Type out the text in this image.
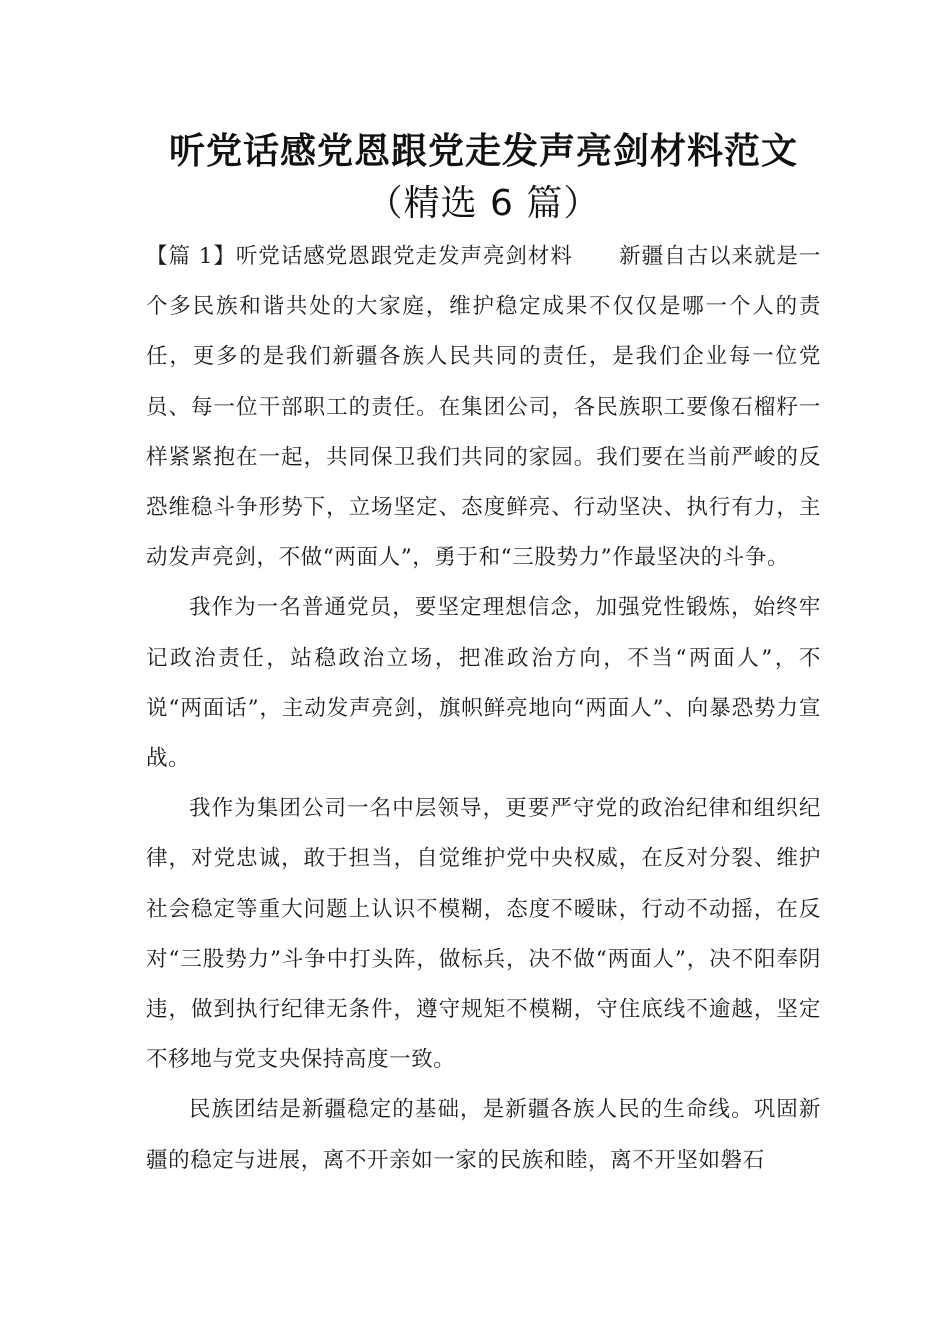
听党话感党恩跟党走发声亮剑材料范文
（精选 6 篇）

【篇 1】听党话感党恩跟党走发声亮剑材料 新疆自古以来就是一个多民族和谐共处的大家庭，维护稳定成果不仅仅是哪一个人的责任，更多的是我们新疆各族人民共同的责任，是我们企业每一位党员、每一位干部职工的责任。在集团公司，各民族职工要像石榴籽一样紧紧抱在一起，共同保卫我们共同的家园。我们要在当前严峻的反恐维稳斗争形势下，立场坚定、态度鲜亮、行动坚决、执行有力，主动发声亮剑，不做“两面人”，勇于和“三股势力”作最坚决的斗争。

我作为一名普通党员，要坚定理想信念，加强党性锻炼，始终牢记政治责任，站稳政治立场，把准政治方向，不当“两面人”，不说“两面话”，主动发声亮剑，旗帜鲜亮地向“两面人”、向暴恐势力宣战。

我作为集团公司一名中层领导，更要严守党的政治纪律和组织纪律，对党忠诚，敢于担当，自觉维护党中央权威，在反对分裂、维护社会稳定等重大问题上认识不模糊，态度不暧昧，行动不动摇，在反对“三股势力”斗争中打头阵，做标兵，决不做“两面人”，决不阳奉阴违，做到执行纪律无条件，遵守规矩不模糊，守住底线不逾越，坚定不移地与党支央保持高度一致。

民族团结是新疆稳定的基础，是新疆各族人民的生命线。巩固新疆的稳定与进展，离不开亲如一家的民族和睦，离不开坚如磐石
